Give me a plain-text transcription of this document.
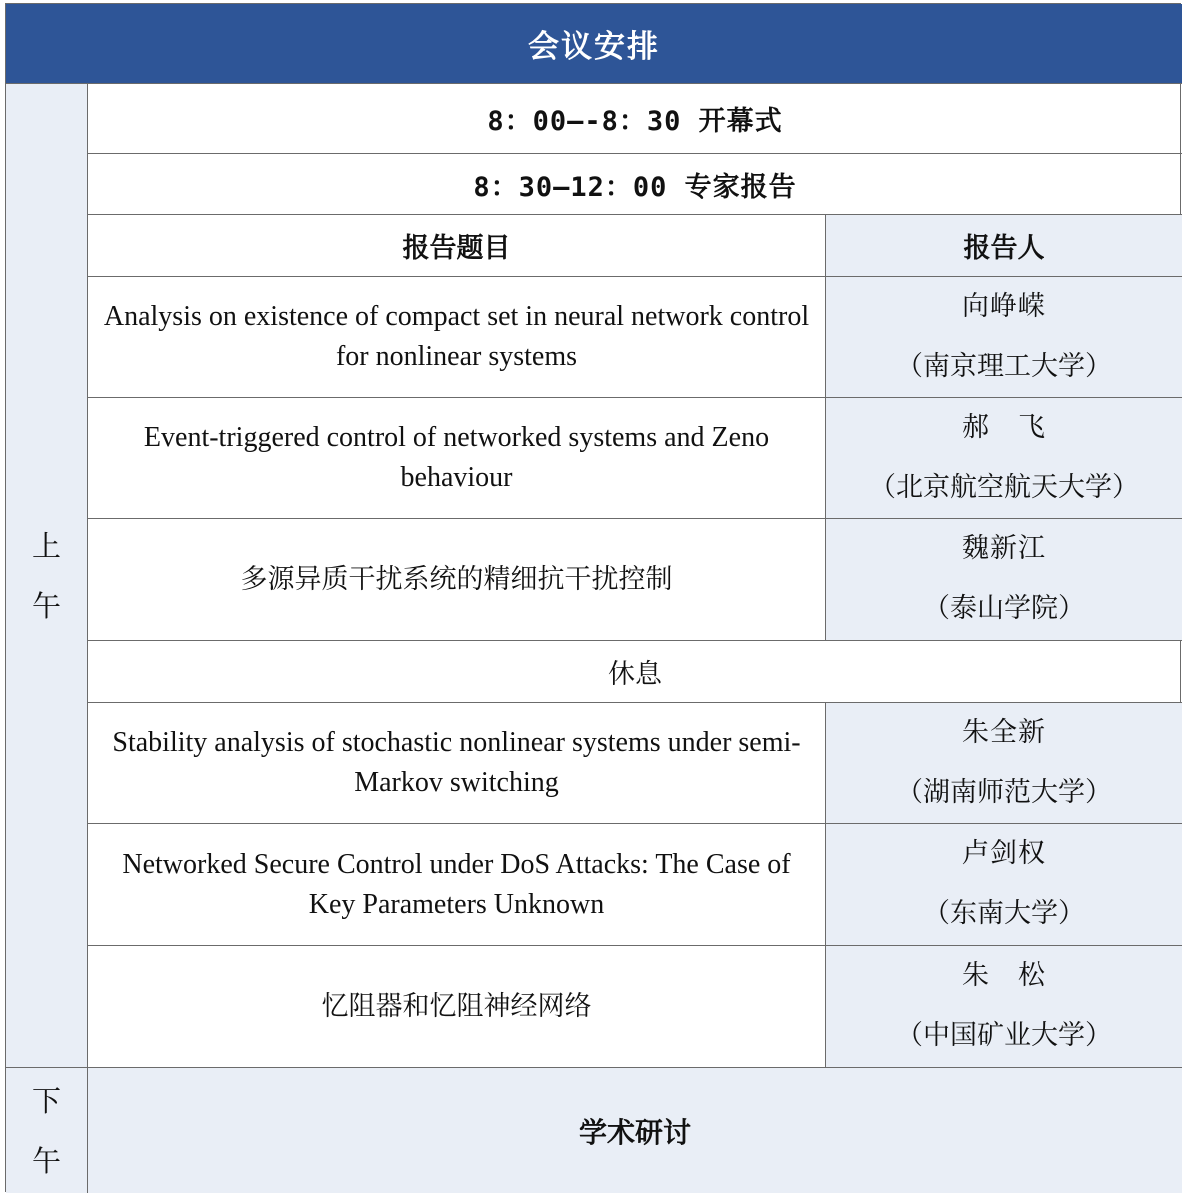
会议安排
上
午
8：00—-8：30 开幕式
8：30—12：00 专家报告
报告题目	报告人
Analysis on existence of compact set in neural network control for nonlinear systems
向峥嵘
（南京理工大学）
Event-triggered control of networked systems and Zeno behaviour
郝　飞
（北京航空航天大学）
多源异质干扰系统的精细抗干扰控制
魏新江
（泰山学院）
休息
Stability analysis of stochastic nonlinear systems under semi-Markov switching
朱全新
（湖南师范大学）
Networked Secure Control under DoS Attacks: The Case of Key Parameters Unknown
卢剑权
（东南大学）
忆阻器和忆阻神经网络
朱　松
（中国矿业大学）
下
午
学术研讨
